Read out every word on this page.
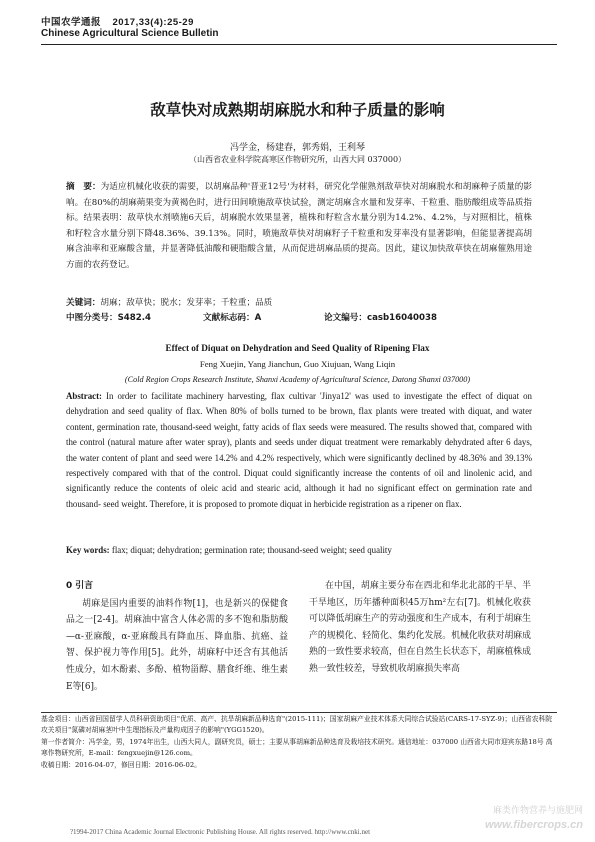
中国农学通报 2017,33(4):25-29
Chinese Agricultural Science Bulletin
敌草快对成熟期胡麻脱水和种子质量的影响
冯学金，杨建春，郭秀娟，王利琴
（山西省农业科学院高寒区作物研究所，山西大同 037000）
摘　要：为适应机械化收获的需要，以胡麻品种'晋亚12号'为材料，研究化学催熟剂敌草快对胡麻脱水和胡麻种子质量的影响。在80%的胡麻蒴果变为黄褐色时，进行田间喷施敌草快试验，测定胡麻含水量和发芽率、千粒重、脂肪酸组成等品质指标。结果表明：敌草快水剂喷施6天后，胡麻脱水效果显著，植株和籽粒含水量分别为14.2%、4.2%，与对照相比，植株和籽粒含水量分别下降48.36%、39.13%。同时，喷施敌草快对胡麻籽子千粒重和发芽率没有显著影响，但能显著提高胡麻含油率和亚麻酸含量，并显著降低油酸和硬脂酸含量，从而促进胡麻品质的提高。因此，建议加快敌草快在胡麻催熟用途方面的农药登记。
关键词：胡麻；敌草快；脱水；发芽率；千粒重；品质
中图分类号：S482.4	文献标志码：A	论文编号：casb16040038
Effect of Diquat on Dehydration and Seed Quality of Ripening Flax
Feng Xuejin, Yang Jianchun, Guo Xiujuan, Wang Liqin
(Cold Region Crops Research Institute, Shanxi Academy of Agricultural Science, Datong Shanxi 037000)
Abstract: In order to facilitate machinery harvesting, flax cultivar 'Jinya12' was used to investigate the effect of diquat on dehydration and seed quality of flax. When 80% of bolls turned to be brown, flax plants were treated with diquat, and water content, germination rate, thousand-seed weight, fatty acids of flax seeds were measured. The results showed that, compared with the control (natural mature after water spray), plants and seeds under diquat treatment were remarkably dehydrated after 6 days, the water content of plant and seed were 14.2% and 4.2% respectively, which were significantly declined by 48.36% and 39.13% respectively compared with that of the control. Diquat could significantly increase the contents of oil and linolenic acid, and significantly reduce the contents of oleic acid and stearic acid, although it had no significant effect on germination rate and thousand- seed weight. Therefore, it is proposed to promote diquat in herbicide registration as a ripener on flax.
Key words: flax; diquat; dehydration; germination rate; thousand-seed weight; seed quality
0 引言
胡麻是国内重要的油料作物[1]，也是新兴的保健食品之一[2-4]。胡麻油中富含人体必需的多不饱和脂肪酸—α-亚麻酸，α-亚麻酸具有降血压、降血脂、抗癌、益智、保护视力等作用[5]。此外，胡麻籽中还含有其他活性成分，如木酚素、多酚、植物甾醇、膳食纤维、维生素E等[6]。
在中国，胡麻主要分布在西北和华北北部的干旱、半干旱地区，历年播种面积45万hm²左右[7]。机械化收获可以降低胡麻生产的劳动强度和生产成本，有利于胡麻生产的规模化、轻简化、集约化发展。机械化收获对胡麻成熟的一致性要求较高，但在自然生长状态下，胡麻植株成熟一致性较差，导致机收胡麻损失率高
基金项目：山西省回国留学人员科研资助项目"优质、高产、抗旱胡麻新品种选育"(2015-111)；国家胡麻产业技术体系大同综合试验站(CARS-17-SYZ-9)；山西省农科院攻关项目"氮磷对胡麻茎叶中生理指标及产量构成因子的影响"(YGG1520)。
第一作者简介：冯学金，男，1974年出生，山西大同人，副研究员，硕士；主要从事胡麻新品种选育及栽培技术研究。通信地址：037000 山西省大同市迎宾东路18号 高寒作物研究所，E-mail：fengxuejin@126.com。
收稿日期：2016-04-07，修回日期：2016-06-02。
麻类作物营养与施肥网
www.fibercrops.cn
?1994-2017 China Academic Journal Electronic Publishing House. All rights reserved. http://www.cnki.net
